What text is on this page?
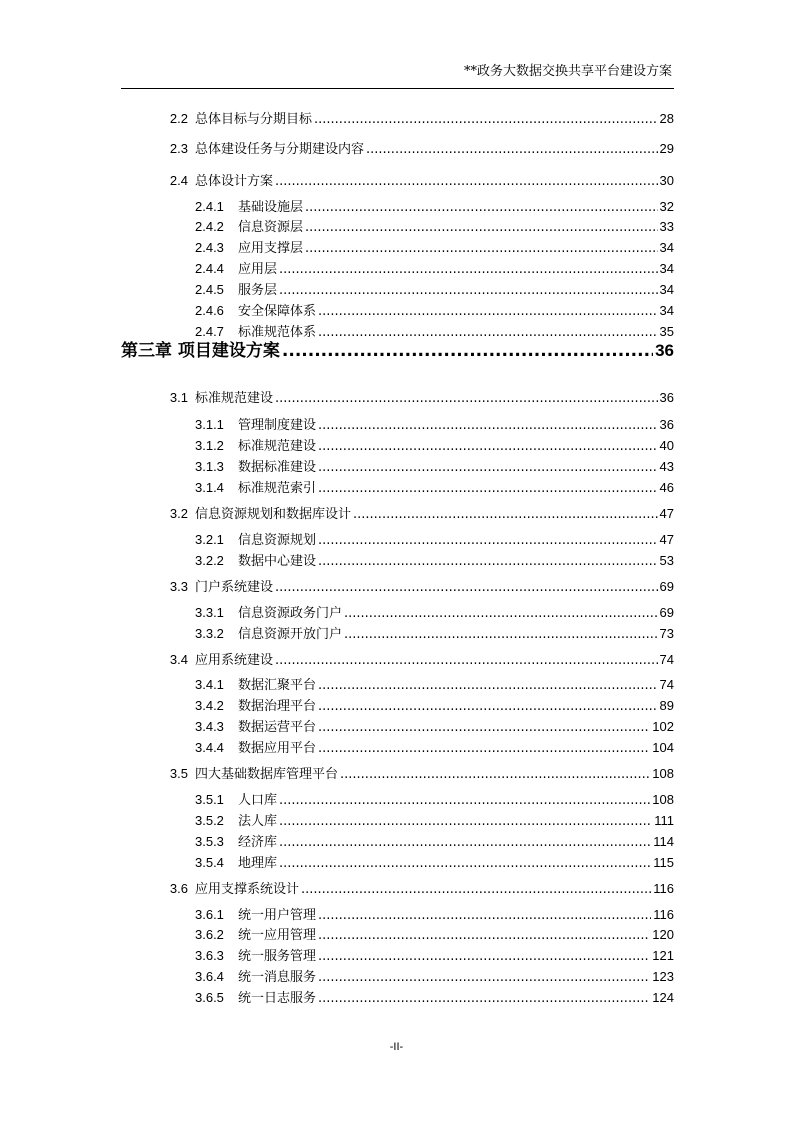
**政务大数据交换共享平台建设方案
2.2 总体目标与分期目标 .....	28
2.3 总体建设任务与分期建设内容 .....	29
2.4 总体设计方案 .....	30
2.4.1	基础设施层 .....	32
2.4.2	信息资源层 .....	33
2.4.3	应用支撑层 .....	34
2.4.4	应用层 .....	34
2.4.5	服务层 .....	34
2.4.6	安全保障体系 .....	34
2.4.7	标准规范体系 .....	35
第三章 项目建设方案 .....	36
3.1 标准规范建设 .....	36
3.1.1	管理制度建设 .....	36
3.1.2	标准规范建设 .....	40
3.1.3	数据标准建设 .....	43
3.1.4	标准规范索引 .....	46
3.2 信息资源规划和数据库设计 .....	47
3.2.1	信息资源规划 .....	47
3.2.2	数据中心建设 .....	53
3.3 门户系统建设 .....	69
3.3.1	信息资源政务门户 .....	69
3.3.2	信息资源开放门户 .....	73
3.4 应用系统建设 .....	74
3.4.1	数据汇聚平台 .....	74
3.4.2	数据治理平台 .....	89
3.4.3	数据运营平台 .....	102
3.4.4	数据应用平台 .....	104
3.5 四大基础数据库管理平台 .....	108
3.5.1	人口库 .....	108
3.5.2	法人库 .....	111
3.5.3	经济库 .....	114
3.5.4	地理库 .....	115
3.6 应用支撑系统设计 .....	116
3.6.1	统一用户管理 .....	116
3.6.2	统一应用管理 .....	120
3.6.3	统一服务管理 .....	121
3.6.4	统一消息服务 .....	123
3.6.5	统一日志服务 .....	124
-II-
